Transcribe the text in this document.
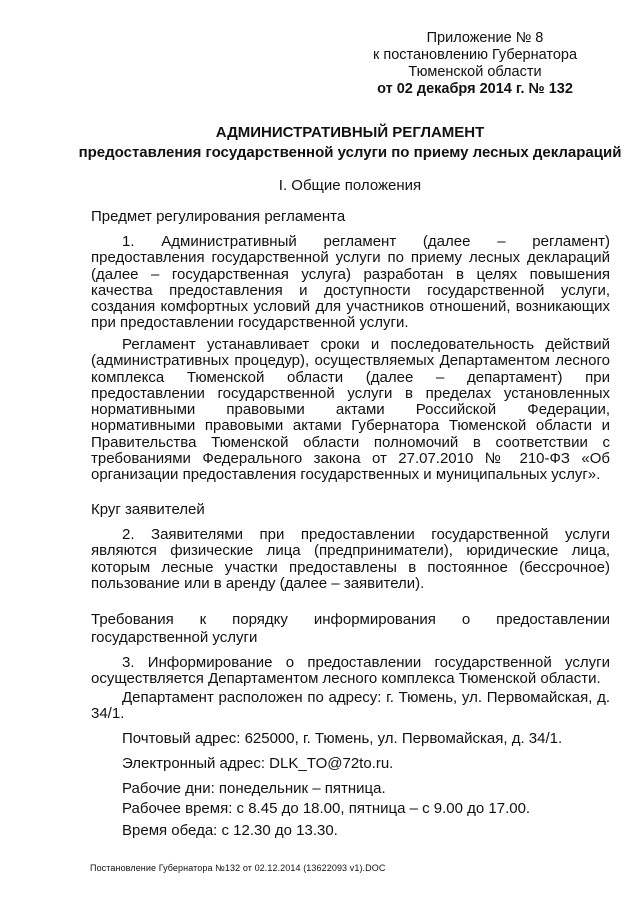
Приложение № 8
к постановлению Губернатора
Тюменской области
от 02 декабря 2014 г. № 132
АДМИНИСТРАТИВНЫЙ РЕГЛАМЕНТ
предоставления государственной услуги по приему лесных деклараций
I. Общие положения
Предмет регулирования регламента
1. Административный регламент (далее – регламент) предоставления государственной услуги по приему лесных деклараций (далее – государственная услуга) разработан в целях повышения качества предоставления и доступности государственной услуги, создания комфортных условий для участников отношений, возникающих при предоставлении государственной услуги.
Регламент устанавливает сроки и последовательность действий (административных процедур), осуществляемых Департаментом лесного комплекса Тюменской области (далее – департамент) при предоставлении государственной услуги в пределах установленных нормативными правовыми актами Российской Федерации, нормативными правовыми актами Губернатора Тюменской области и Правительства Тюменской области полномочий в соответствии с требованиями Федерального закона от 27.07.2010 № 210-ФЗ «Об организации предоставления государственных и муниципальных услуг».
Круг заявителей
2. Заявителями при предоставлении государственной услуги являются физические лица (предприниматели), юридические лица, которым лесные участки предоставлены в постоянное (бессрочное) пользование или в аренду (далее – заявители).
Требования к порядку информирования о предоставлении государственной услуги
3. Информирование о предоставлении государственной услуги осуществляется Департаментом лесного комплекса Тюменской области.
Департамент расположен по адресу: г. Тюмень, ул. Первомайская, д. 34/1.
Почтовый адрес: 625000, г. Тюмень, ул. Первомайская, д. 34/1.
Электронный адрес: DLK_TO@72to.ru.
Рабочие дни: понедельник – пятница.
Рабочее время: с 8.45 до 18.00, пятница – с 9.00 до 17.00.
Время обеда: с 12.30 до 13.30.
Постановление Губернатора №132 от 02.12.2014 (13622093 v1).DOC
